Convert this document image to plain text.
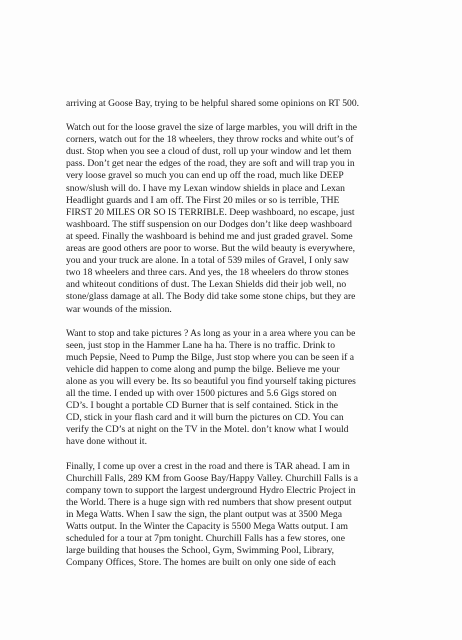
arriving at Goose Bay, trying to be helpful shared some opinions on RT 500.

Watch out for the loose gravel the size of large marbles, you will drift in the
corners, watch out for the 18 wheelers, they throw rocks and white out’s of
dust. Stop when you see a cloud of dust, roll up your window and let them
pass. Don’t get near the edges of the road, they are soft and will trap you in
very loose gravel so much you can end up off the road, much like DEEP
snow/slush will do. I have my Lexan window shields in place and Lexan
Headlight guards and I am off. The First 20 miles or so is terrible, THE
FIRST 20 MILES OR SO IS TERRIBLE. Deep washboard, no escape, just
washboard. The stiff suspension on our Dodges don’t like deep washboard
at speed. Finally the washboard is behind me and just graded gravel. Some
areas are good others are poor to worse. But the wild beauty is everywhere,
you and your truck are alone. In a total of 539 miles of Gravel, I only saw
two 18 wheelers and three cars. And yes, the 18 wheelers do throw stones
and whiteout conditions of dust. The Lexan Shields did their job well, no
stone/glass damage at all. The Body did take some stone chips, but they are
war wounds of the mission.

Want to stop and take pictures ? As long as your in a area where you can be
seen, just stop in the Hammer Lane ha ha. There is no traffic. Drink to
much Pepsie, Need to Pump the Bilge, Just stop where you can be seen if a
vehicle did happen to come along and pump the bilge. Believe me your
alone as you will every be. Its so beautiful you find yourself taking pictures
all the time. I ended up with over 1500 pictures and 5.6 Gigs stored on
CD’s. I bought a portable CD Burner that is self contained. Stick in the
CD, stick in your flash card and it will burn the pictures on CD. You can
verify the CD’s at night on the TV in the Motel. don’t know what I would
have done without it.

Finally, I come up over a crest in the road and there is TAR ahead. I am in
Churchill Falls, 289 KM from Goose Bay/Happy Valley. Churchill Falls is a
company town to support the largest underground Hydro Electric Project in
the World. There is a huge sign with red numbers that show present output
in Mega Watts. When I saw the sign, the plant output was at 3500 Mega
Watts output. In the Winter the Capacity is 5500 Mega Watts output. I am
scheduled for a tour at 7pm tonight. Churchill Falls has a few stores, one
large building that houses the School, Gym, Swimming Pool, Library,
Company Offices, Store. The homes are built on only one side of each
